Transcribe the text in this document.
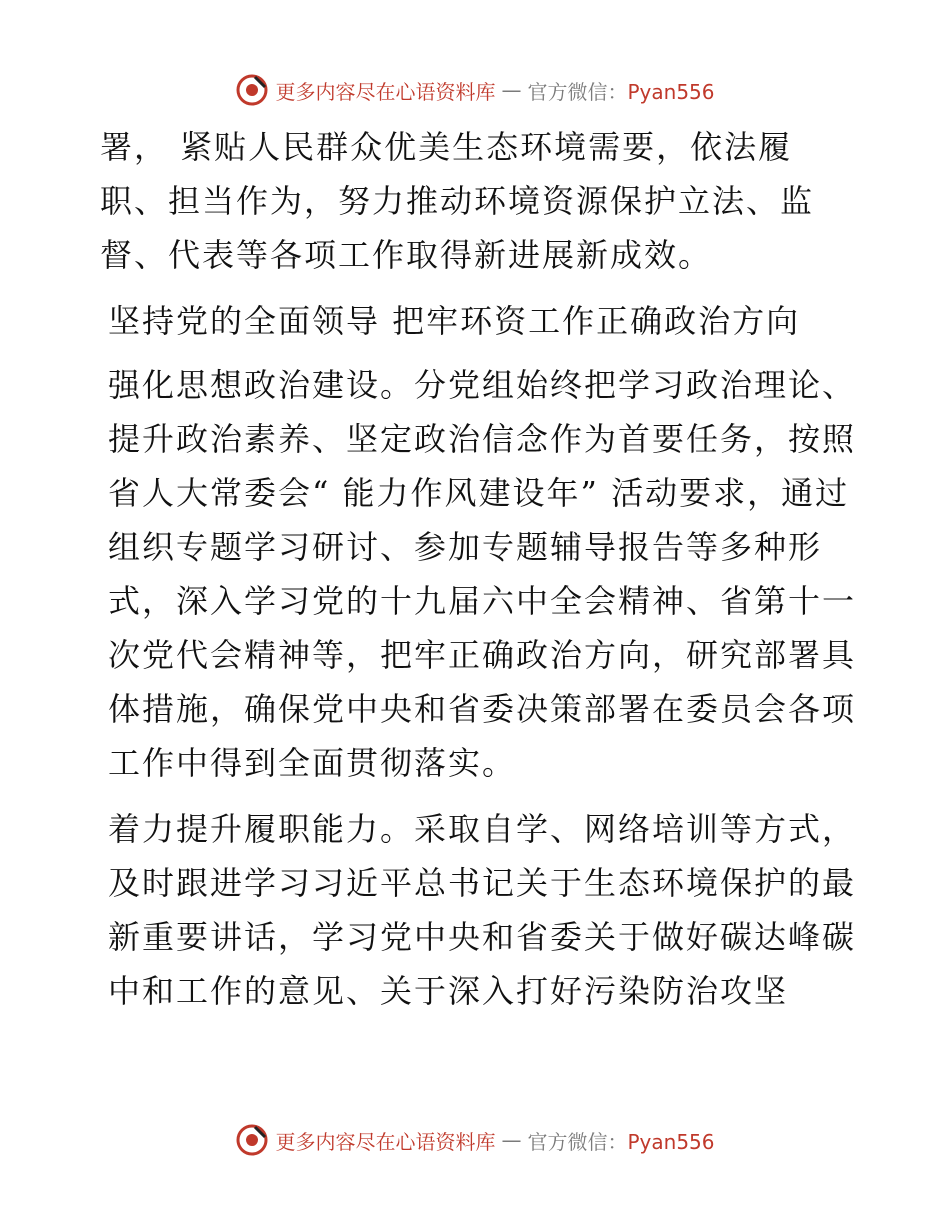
更多内容尽在心语资料库 — 官方微信：Pyan556

署， 紧贴人民群众优美生态环境需要，依法履职、担当作为，努力推动环境资源保护立法、监督、代表等各项工作取得新进展新成效。

坚持党的全面领导 把牢环资工作正确政治方向

强化思想政治建设。分党组始终把学习政治理论、提升政治素养、坚定政治信念作为首要任务，按照省人大常委会“ 能力作风建设年” 活动要求，通过组织专题学习研讨、参加专题辅导报告等多种形式，深入学习党的十九届六中全会精神、省第十一次党代会精神等，把牢正确政治方向，研究部署具体措施，确保党中央和省委决策部署在委员会各项工作中得到全面贯彻落实。

着力提升履职能力。采取自学、网络培训等方式，及时跟进学习习近平总书记关于生态环境保护的最新重要讲话，学习党中央和省委关于做好碳达峰碳中和工作的意见、关于深入打好污染防治攻坚

更多内容尽在心语资料库 — 官方微信：Pyan556
